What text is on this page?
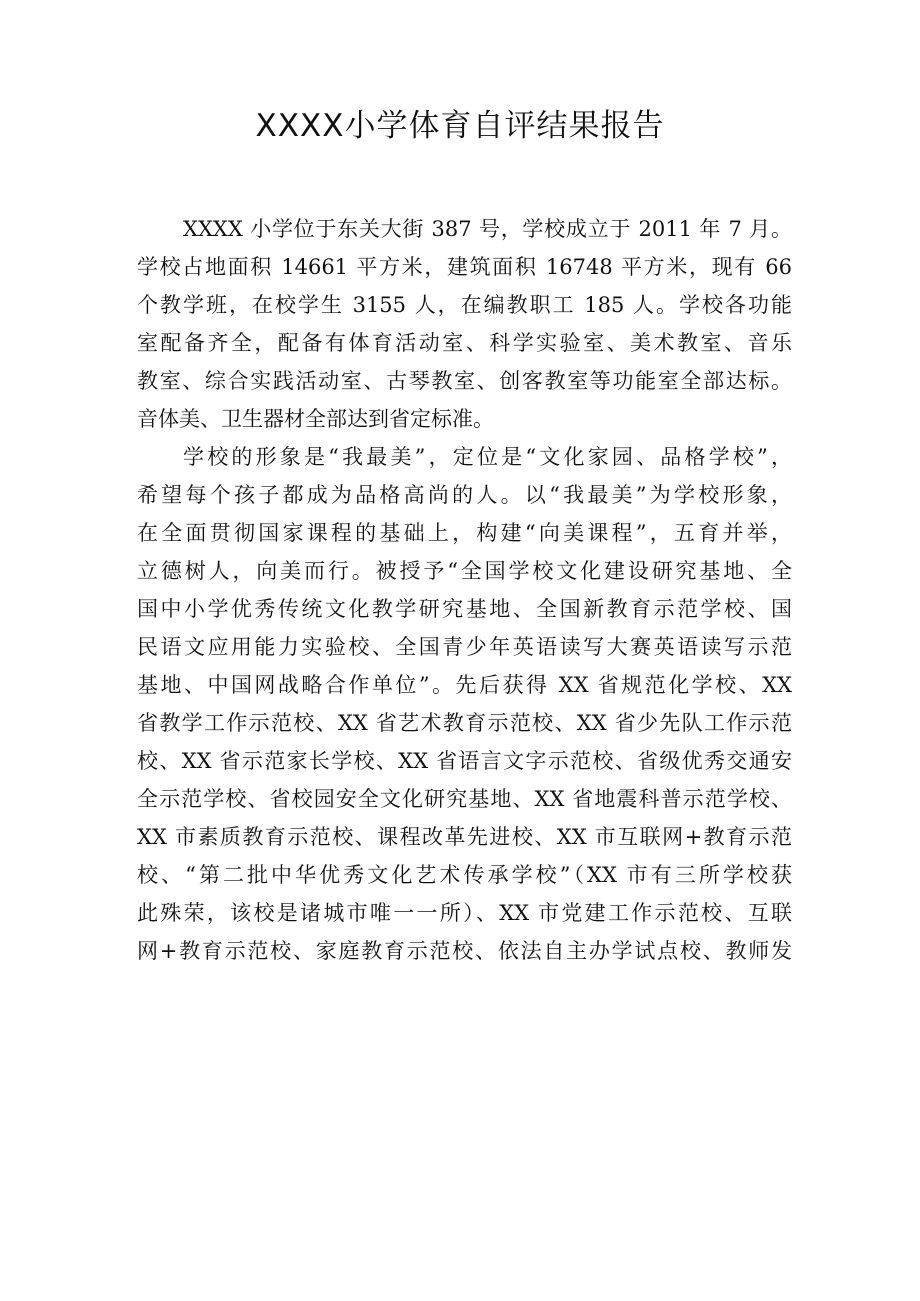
XXXX小学体育自评结果报告
XXXX 小学位于东关大街 387 号，学校成立于 2011 年 7 月。
学校占地面积 14661 平方米，建筑面积 16748 平方米，现有 66
个教学班，在校学生 3155 人，在编教职工 185 人。学校各功能
室配备齐全，配备有体育活动室、科学实验室、美术教室、音乐
教室、综合实践活动室、古琴教室、创客教室等功能室全部达标。
音体美、卫生器材全部达到省定标准。
学校的形象是“我最美”，定位是“文化家园、品格学校”，
希望每个孩子都成为品格高尚的人。以“我最美”为学校形象，
在全面贯彻国家课程的基础上，构建“向美课程”，五育并举，
立德树人，向美而行。被授予“全国学校文化建设研究基地、全
国中小学优秀传统文化教学研究基地、全国新教育示范学校、国
民语文应用能力实验校、全国青少年英语读写大赛英语读写示范
基地、中国网战略合作单位”。先后获得 XX 省规范化学校、XX
省教学工作示范校、XX 省艺术教育示范校、XX 省少先队工作示范
校、XX 省示范家长学校、XX 省语言文字示范校、省级优秀交通安
全示范学校、省校园安全文化研究基地、XX 省地震科普示范学校、
XX 市素质教育示范校、课程改革先进校、XX 市互联网+教育示范
校、“第二批中华优秀文化艺术传承学校”（XX 市有三所学校获
此殊荣，该校是诸城市唯一一所）、XX 市党建工作示范校、互联
网+教育示范校、家庭教育示范校、依法自主办学试点校、教师发
